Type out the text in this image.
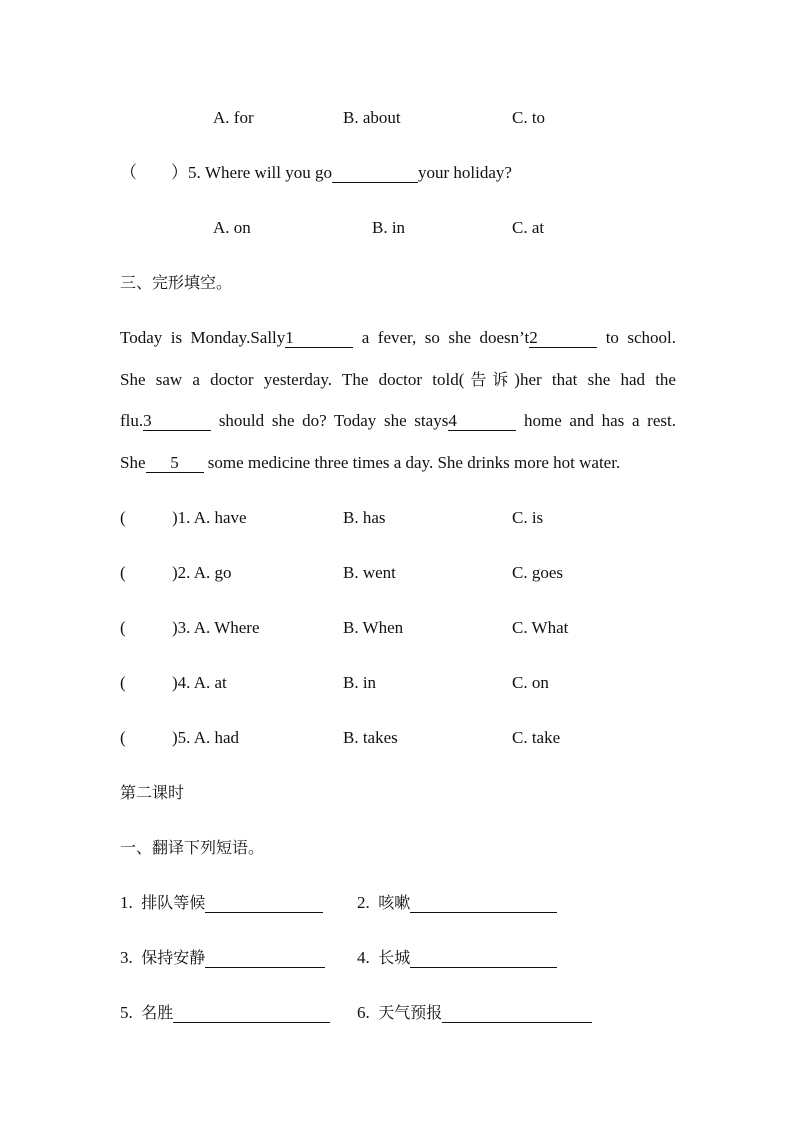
A. for	B. about	C. to
（　　）5. Where will you go	your holiday?
A. on	B. in	C. at
三、完形填空。
Today is Monday.Sally1	a fever, so she doesn’t2	to school.
She saw a doctor yesterday. The doctor told(告诉)her that she had the
flu.3	should she do? Today she stays4	home and has a rest.
She 5 some medicine three times a day. She drinks more hot water.
(	)1. A. have	B. has	C. is
(	)2. A. go	B. went	C. goes
(	)3. A. Where	B. When	C. What
(	)4. A. at	B. in	C. on
(	)5. A. had	B. takes	C. take
第二课时
一、翻译下列短语。
1. 排队等候	2. 咳嗽
3. 保持安静	4. 长城
5. 名胜	6. 天气预报
